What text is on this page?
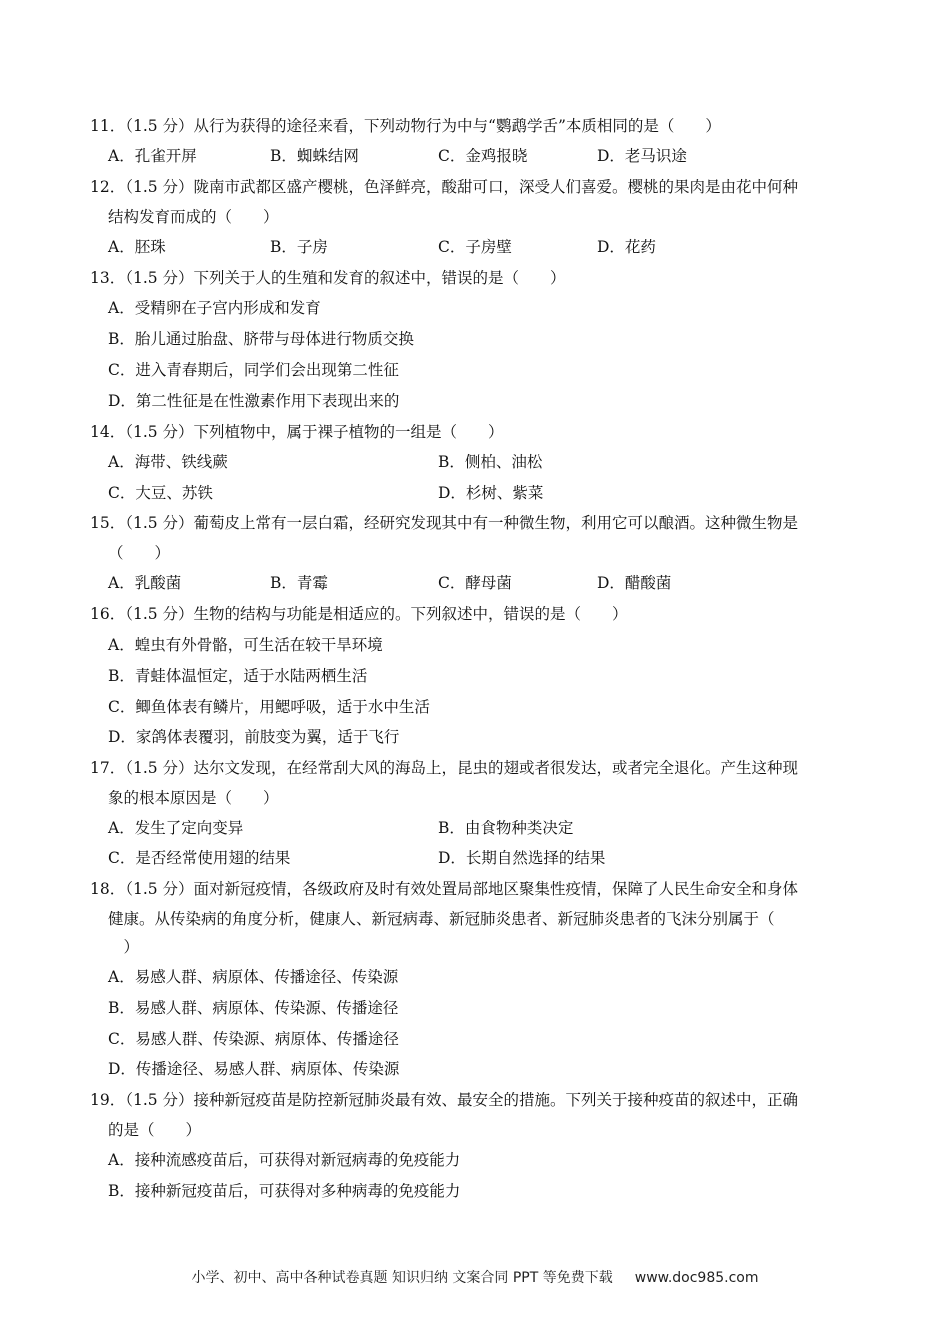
11．（1.5 分）从行为获得的途径来看，下列动物行为中与“鹦鹉学舌”本质相同的是（　　）
A．孔雀开屏	B．蜘蛛结网	C．金鸡报晓	D．老马识途
12．（1.5 分）陇南市武都区盛产樱桃，色泽鲜亮，酸甜可口，深受人们喜爱。樱桃的果肉是由花中何种
结构发育而成的（　　）
A．胚珠	B．子房	C．子房壁	D．花药
13．（1.5 分）下列关于人的生殖和发育的叙述中，错误的是（　　）
A．受精卵在子宫内形成和发育
B．胎儿通过胎盘、脐带与母体进行物质交换
C．进入青春期后，同学们会出现第二性征
D．第二性征是在性激素作用下表现出来的
14．（1.5 分）下列植物中，属于裸子植物的一组是（　　）
A．海带、铁线蕨	B．侧柏、油松
C．大豆、苏铁	D．杉树、紫菜
15．（1.5 分）葡萄皮上常有一层白霜，经研究发现其中有一种微生物，利用它可以酿酒。这种微生物是
（　　）
A．乳酸菌	B．青霉	C．酵母菌	D．醋酸菌
16．（1.5 分）生物的结构与功能是相适应的。下列叙述中，错误的是（　　）
A．蝗虫有外骨骼，可生活在较干旱环境
B．青蛙体温恒定，适于水陆两栖生活
C．鲫鱼体表有鳞片，用鳃呼吸，适于水中生活
D．家鸽体表覆羽，前肢变为翼，适于飞行
17．（1.5 分）达尔文发现，在经常刮大风的海岛上，昆虫的翅或者很发达，或者完全退化。产生这种现
象的根本原因是（　　）
A．发生了定向变异	B．由食物种类决定
C．是否经常使用翅的结果	D．长期自然选择的结果
18．（1.5 分）面对新冠疫情，各级政府及时有效处置局部地区聚集性疫情，保障了人民生命安全和身体
健康。从传染病的角度分析，健康人、新冠病毒、新冠肺炎患者、新冠肺炎患者的飞沫分别属于（
　）
A．易感人群、病原体、传播途径、传染源
B．易感人群、病原体、传染源、传播途径
C．易感人群、传染源、病原体、传播途径
D．传播途径、易感人群、病原体、传染源
19．（1.5 分）接种新冠疫苗是防控新冠肺炎最有效、最安全的措施。下列关于接种疫苗的叙述中，正确
的是（　　）
A．接种流感疫苗后，可获得对新冠病毒的免疫能力
B．接种新冠疫苗后，可获得对多种病毒的免疫能力
小学、初中、高中各种试卷真题 知识归纳 文案合同 PPT 等免费下载 www.doc985.com
